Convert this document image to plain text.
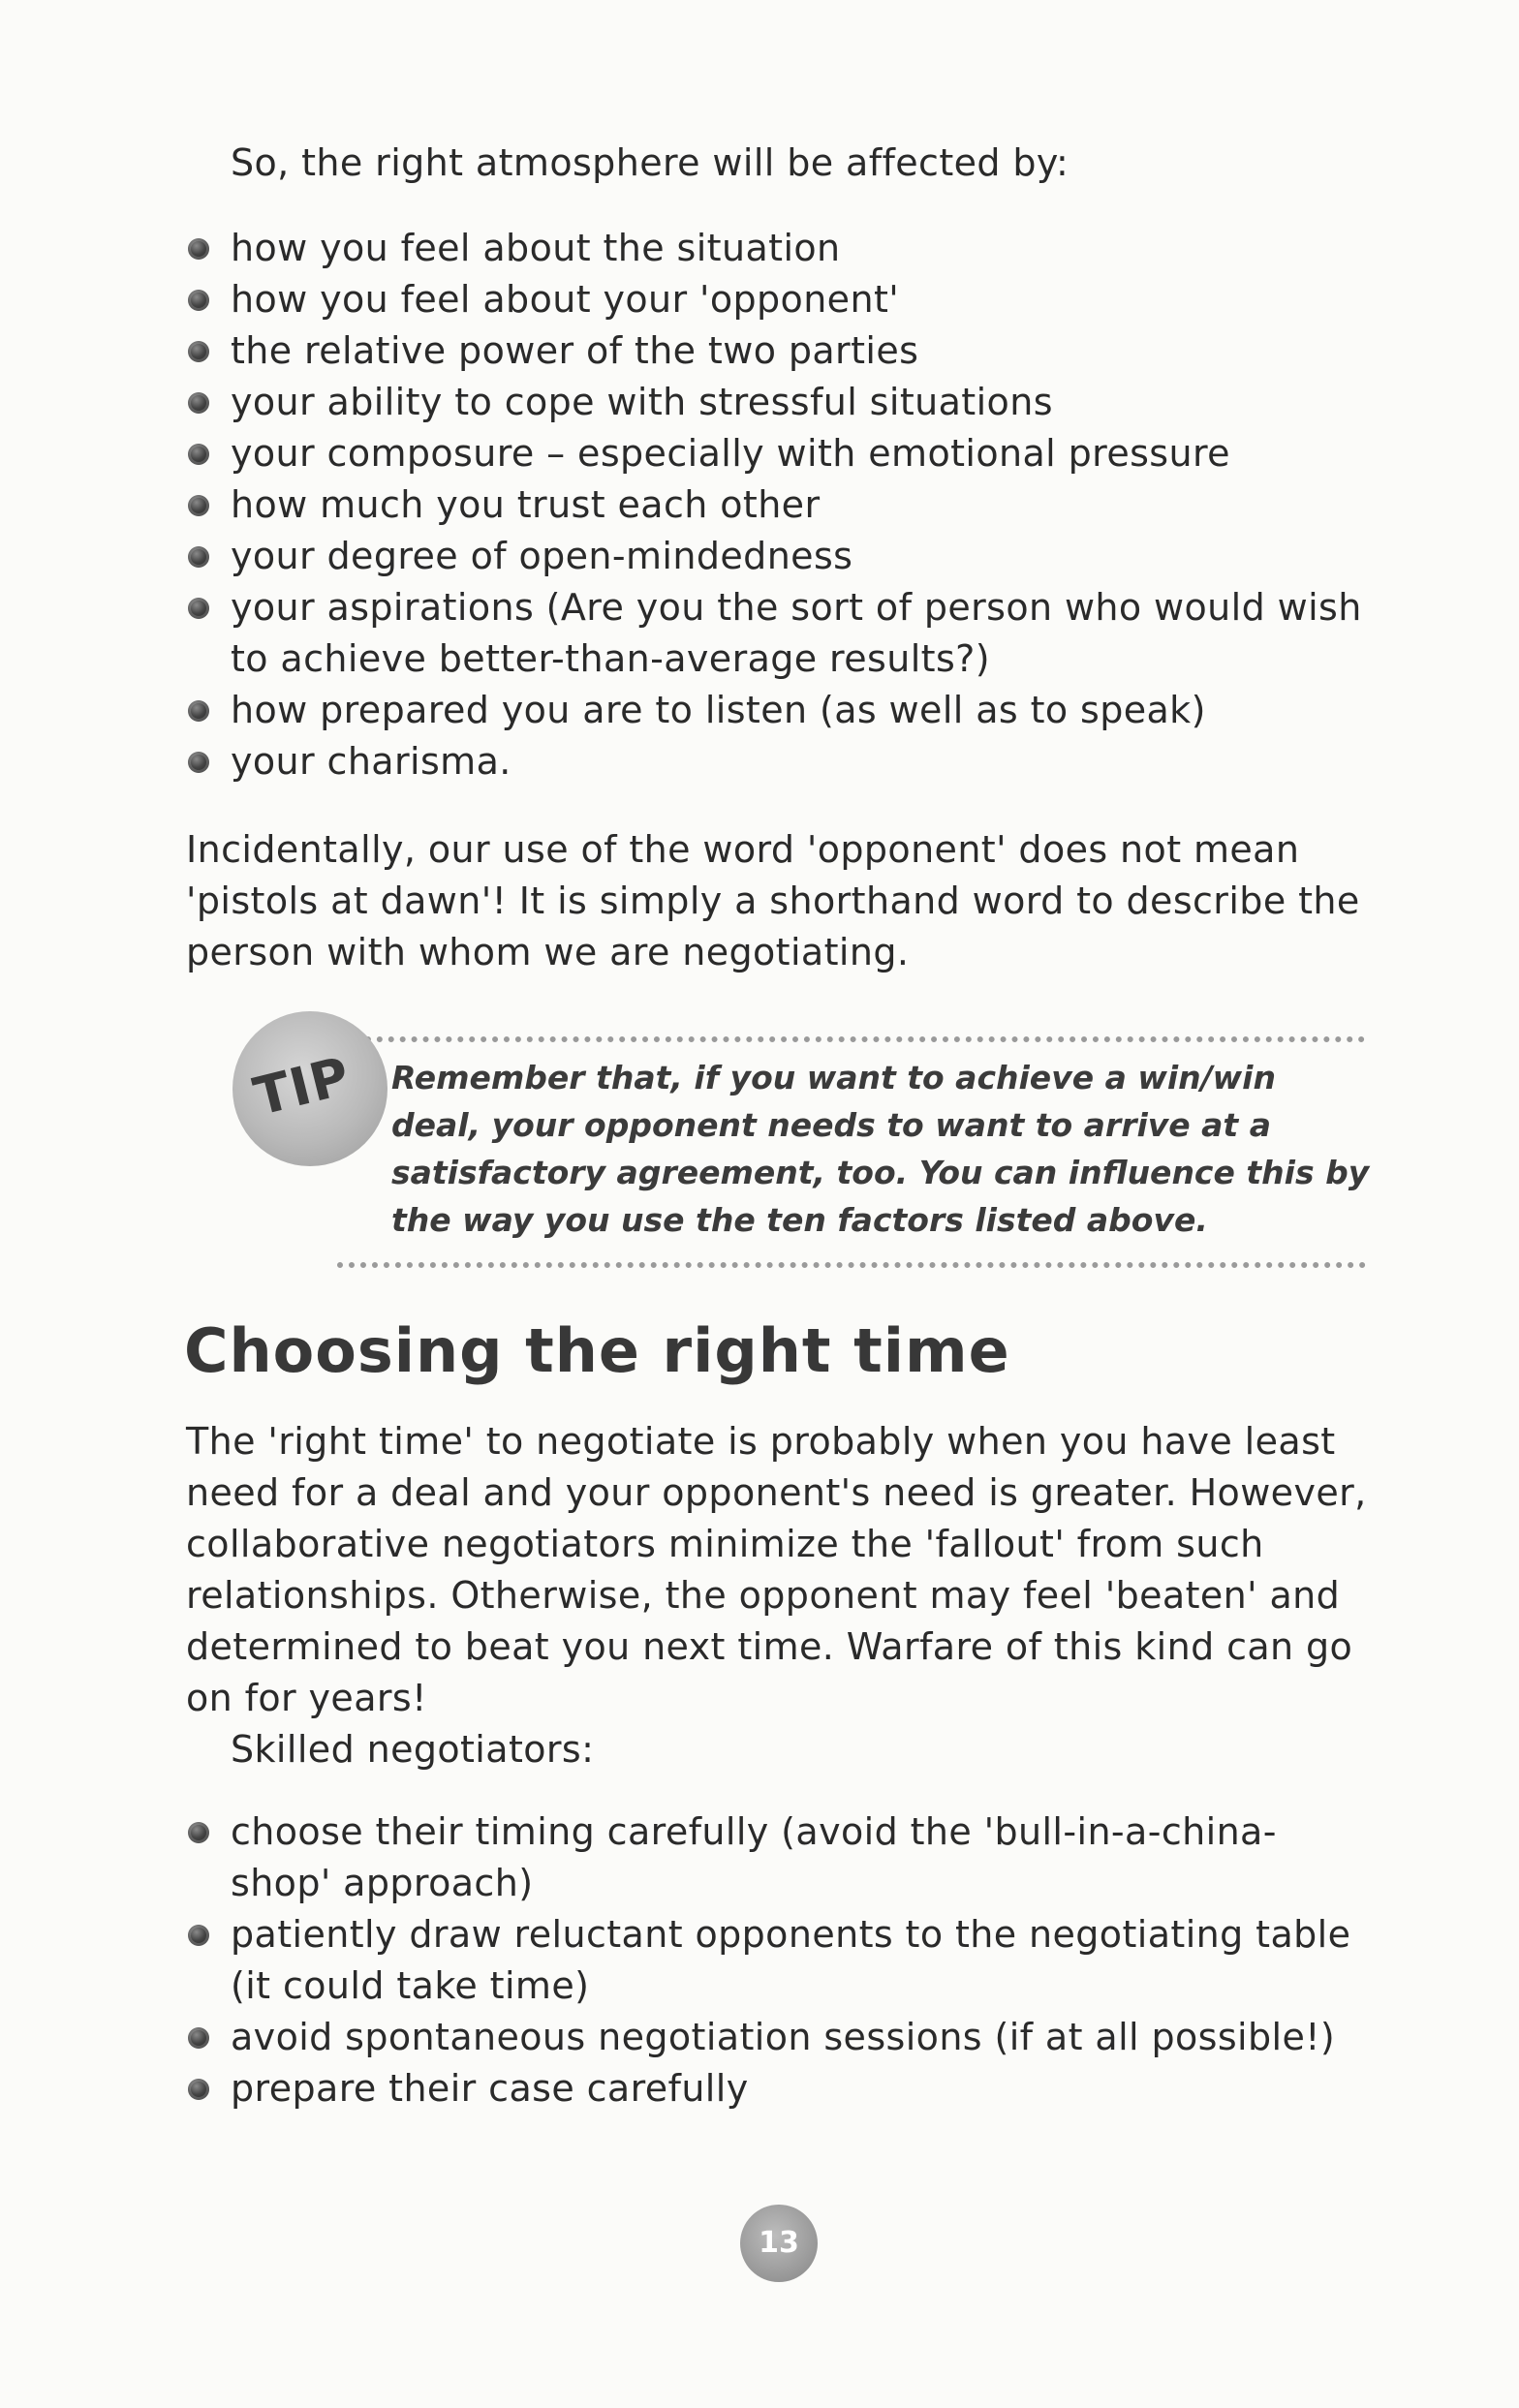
So, the right atmosphere will be affected by:

how you feel about the situation
how you feel about your 'opponent'
the relative power of the two parties
your ability to cope with stressful situations
your composure – especially with emotional pressure
how much you trust each other
your degree of open-mindedness
your aspirations (Are you the sort of person who would wish to achieve better-than-average results?)
how prepared you are to listen (as well as to speak)
your charisma.

Incidentally, our use of the word 'opponent' does not mean 'pistols at dawn'! It is simply a shorthand word to describe the person with whom we are negotiating.

TIP Remember that, if you want to achieve a win/win deal, your opponent needs to want to arrive at a satisfactory agreement, too. You can influence this by the way you use the ten factors listed above.

Choosing the right time

The 'right time' to negotiate is probably when you have least need for a deal and your opponent's need is greater. However, collaborative negotiators minimize the 'fallout' from such relationships. Otherwise, the opponent may feel 'beaten' and determined to beat you next time. Warfare of this kind can go on for years!

Skilled negotiators:

choose their timing carefully (avoid the 'bull-in-a-china-shop' approach)
patiently draw reluctant opponents to the negotiating table (it could take time)
avoid spontaneous negotiation sessions (if at all possible!)
prepare their case carefully
13
